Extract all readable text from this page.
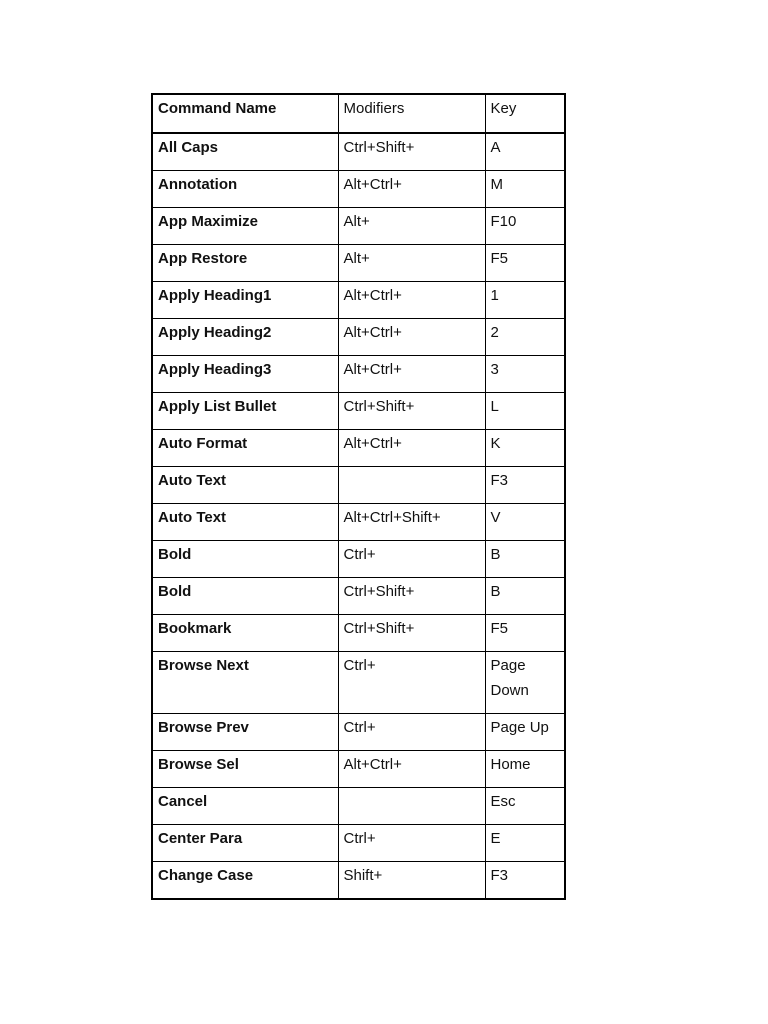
Command Name	Modifiers	Key
All Caps	Ctrl+Shift+	A
Annotation	Alt+Ctrl+	M
App Maximize	Alt+	F10
App Restore	Alt+	F5
Apply Heading1	Alt+Ctrl+	1
Apply Heading2	Alt+Ctrl+	2
Apply Heading3	Alt+Ctrl+	3
Apply List Bullet	Ctrl+Shift+	L
Auto Format	Alt+Ctrl+	K
Auto Text		F3
Auto Text	Alt+Ctrl+Shift+	V
Bold	Ctrl+	B
Bold	Ctrl+Shift+	B
Bookmark	Ctrl+Shift+	F5
Browse Next	Ctrl+	Page Down
Browse Prev	Ctrl+	Page Up
Browse Sel	Alt+Ctrl+	Home
Cancel		Esc
Center Para	Ctrl+	E
Change Case	Shift+	F3
